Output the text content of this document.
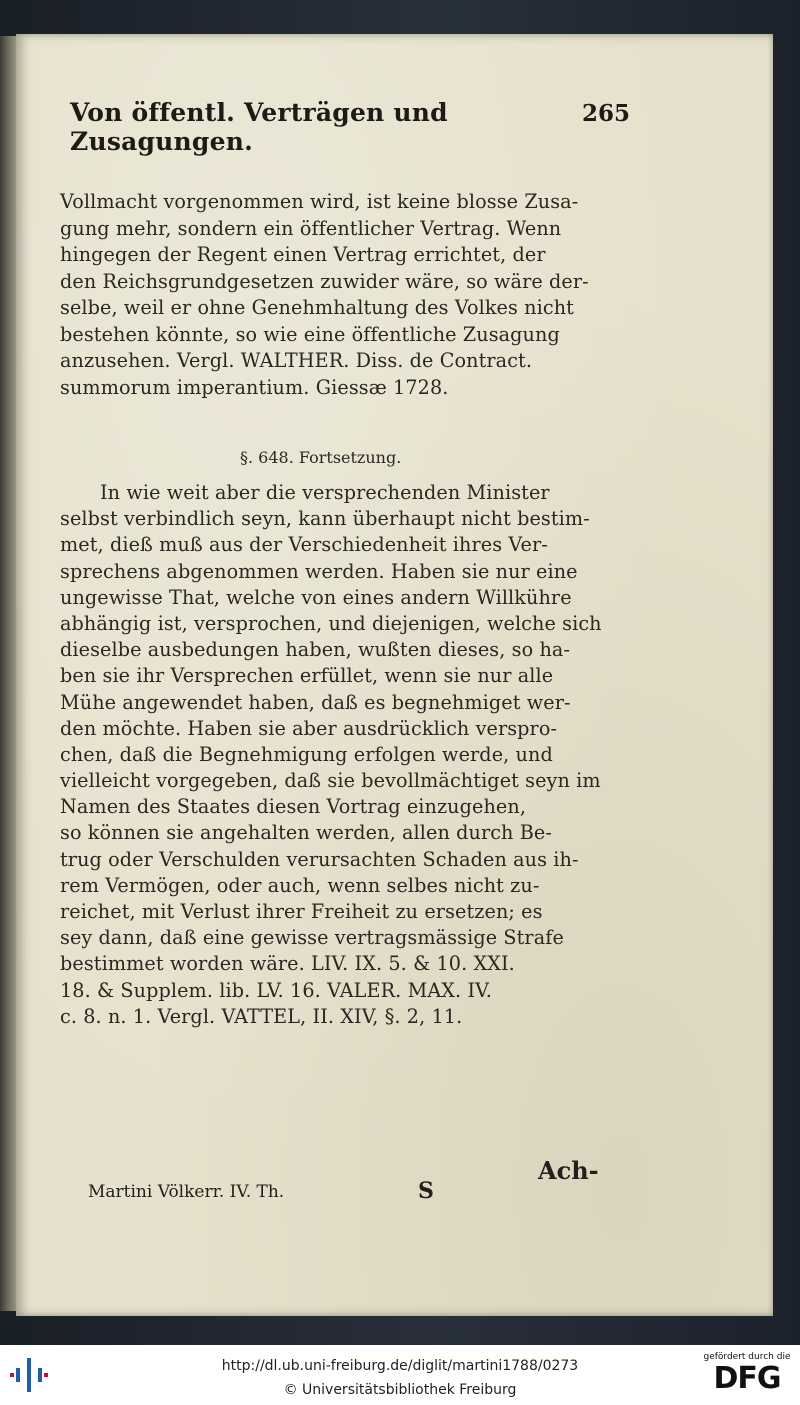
Von öffentl. Verträgen und Zusagungen.
265
Vollmacht vorgenommen wird, ist keine blosse Zusa-
gung mehr, sondern ein öffentlicher Vertrag. Wenn
hingegen der Regent einen Vertrag errichtet, der
den Reichsgrundgesetzen zuwider wäre, so wäre der-
selbe, weil er ohne Genehmhaltung des Volkes nicht
bestehen könnte, so wie eine öffentliche Zusagung
anzusehen. Vergl. WALTHER. Diss. de Contract.
summorum imperantium. Giessæ 1728.
§. 648. Fortsetzung.
In wie weit aber die versprechenden Minister
selbst verbindlich seyn, kann überhaupt nicht bestim-
met, dieß muß aus der Verschiedenheit ihres Ver-
sprechens abgenommen werden. Haben sie nur eine
ungewisse That, welche von eines andern Willkühre
abhängig ist, versprochen, und diejenigen, welche sich
dieselbe ausbedungen haben, wußten dieses, so ha-
ben sie ihr Versprechen erfüllet, wenn sie nur alle
Mühe angewendet haben, daß es begnehmiget wer-
den möchte. Haben sie aber ausdrücklich verspro-
chen, daß die Begnehmigung erfolgen werde, und
vielleicht vorgegeben, daß sie bevollmächtiget seyn im
Namen des Staates diesen Vortrag einzugehen,
so können sie angehalten werden, allen durch Be-
trug oder Verschulden verursachten Schaden aus ih-
rem Vermögen, oder auch, wenn selbes nicht zu-
reichet, mit Verlust ihrer Freiheit zu ersetzen; es
sey dann, daß eine gewisse vertragsmässige Strafe
bestimmet worden wäre. LIV. IX. 5. & 10. XXI.
18. & Supplem. lib. LV. 16. VALER. MAX. IV.
c. 8. n. 1. Vergl. VATTEL, II. XIV, §. 2, 11.
Ach-
Martini Völkerr. IV. Th.	S
http://dl.ub.uni-freiburg.de/diglit/martini1788/0273
© Universitätsbibliothek Freiburg
gefördert durch die
DFG
